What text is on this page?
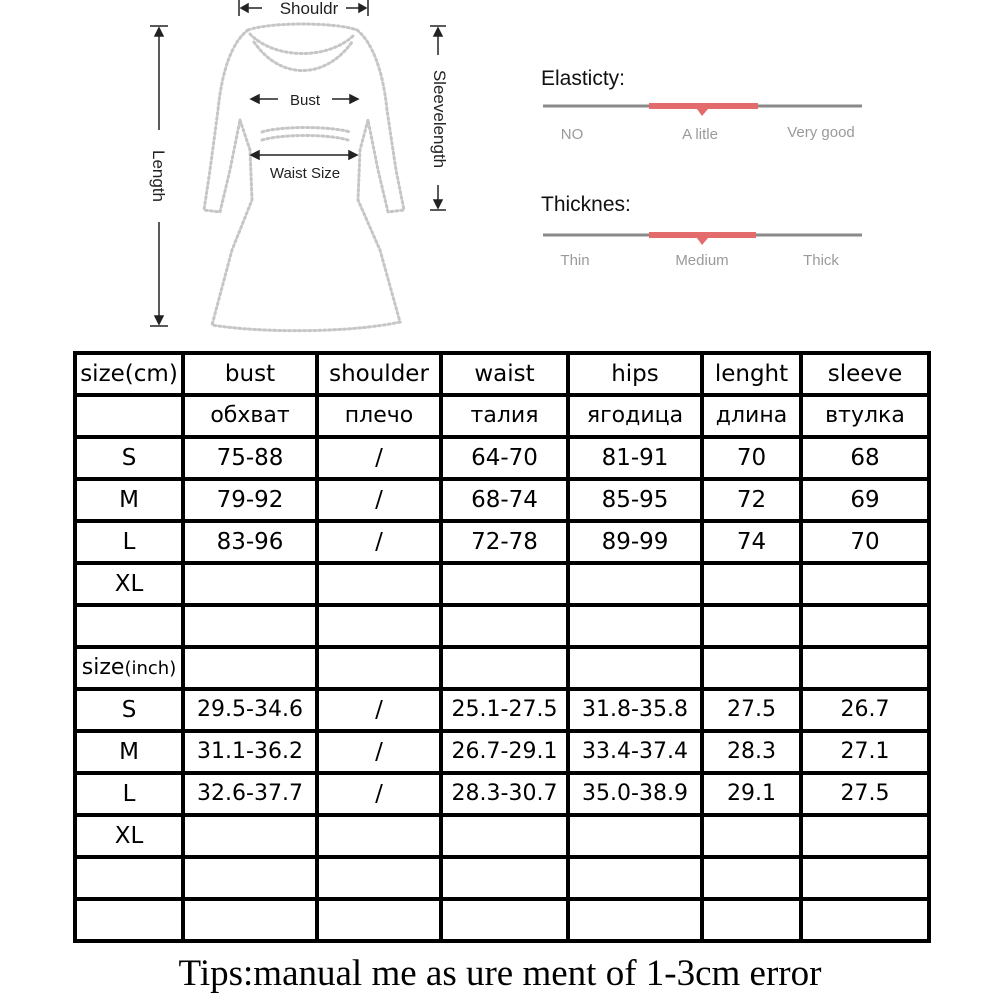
Shouldr
Bust
Waist Size
Length
Sleevelength	Elasticty:
NO	A litle	Very good
Thicknes:
Thin	Medium	Thick
size(cm)	bust	shoulder	waist	hips	lenght	sleeve
	обхват	плечо	талия	ягодица	длина	втулка
S	75-88	/	64-70	81-91	70	68
M	79-92	/	68-74	85-95	72	69
L	83-96	/	72-78	89-99	74	70
XL						

size(inch)						
S	29.5-34.6	/	25.1-27.5	31.8-35.8	27.5	26.7
M	31.1-36.2	/	26.7-29.1	33.4-37.4	28.3	27.1
L	32.6-37.7	/	28.3-30.7	35.0-38.9	29.1	27.5
XL						

Tips:manual me as ure ment of 1-3cm error
